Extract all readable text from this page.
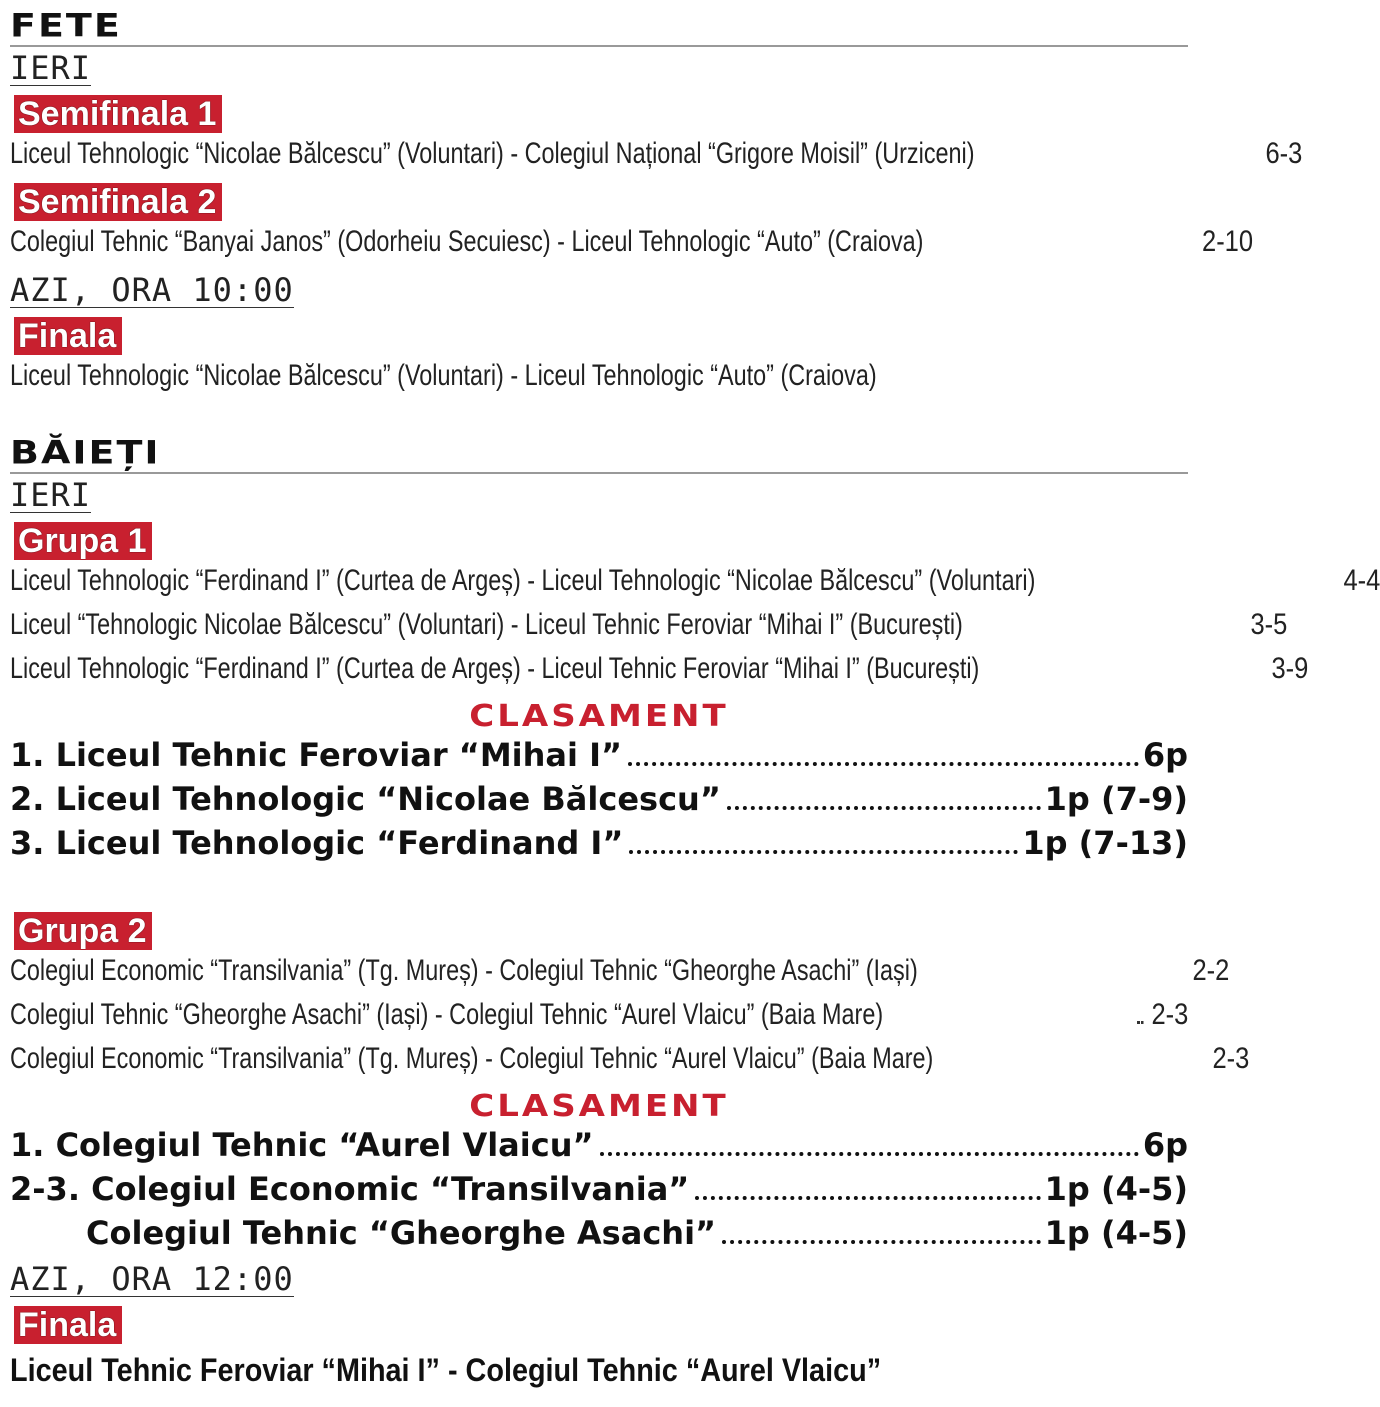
FETE
IERI
Semifinala 1
Liceul Tehnologic “Nicolae Bălcescu” (Voluntari) - Colegiul Național “Grigore Moisil” (Urziceni)	6-3
Semifinala 2
Colegiul Tehnic “Banyai Janos” (Odorheiu Secuiesc) - Liceul Tehnologic “Auto” (Craiova)	2-10
AZI, ORA 10:00
Finala
Liceul Tehnologic “Nicolae Bălcescu” (Voluntari) - Liceul Tehnologic “Auto” (Craiova)
BĂIEȚI
IERI
Grupa 1
Liceul Tehnologic “Ferdinand I” (Curtea de Argeș) - Liceul Tehnologic “Nicolae Bălcescu” (Voluntari)	4-4
Liceul “Tehnologic Nicolae Bălcescu” (Voluntari) - Liceul Tehnic Feroviar “Mihai I” (București)	3-5
Liceul Tehnologic “Ferdinand I” (Curtea de Argeș) - Liceul Tehnic Feroviar “Mihai I” (București)	3-9
CLASAMENT
1. Liceul Tehnic Feroviar “Mihai I”	6p
2. Liceul Tehnologic “Nicolae Bălcescu”	1p (7-9)
3. Liceul Tehnologic “Ferdinand I”	1p (7-13)
Grupa 2
Colegiul Economic “Transilvania” (Tg. Mureș) - Colegiul Tehnic “Gheorghe Asachi” (Iași)	2-2
Colegiul Tehnic “Gheorghe Asachi” (Iași) - Colegiul Tehnic “Aurel Vlaicu” (Baia Mare)	2-3
Colegiul Economic “Transilvania” (Tg. Mureș) - Colegiul Tehnic “Aurel Vlaicu” (Baia Mare)	2-3
CLASAMENT
1. Colegiul Tehnic “Aurel Vlaicu”	6p
2-3. Colegiul Economic “Transilvania”	1p (4-5)
Colegiul Tehnic “Gheorghe Asachi”	1p (4-5)
AZI, ORA 12:00
Finala
Liceul Tehnic Feroviar “Mihai I” - Colegiul Tehnic “Aurel Vlaicu”
